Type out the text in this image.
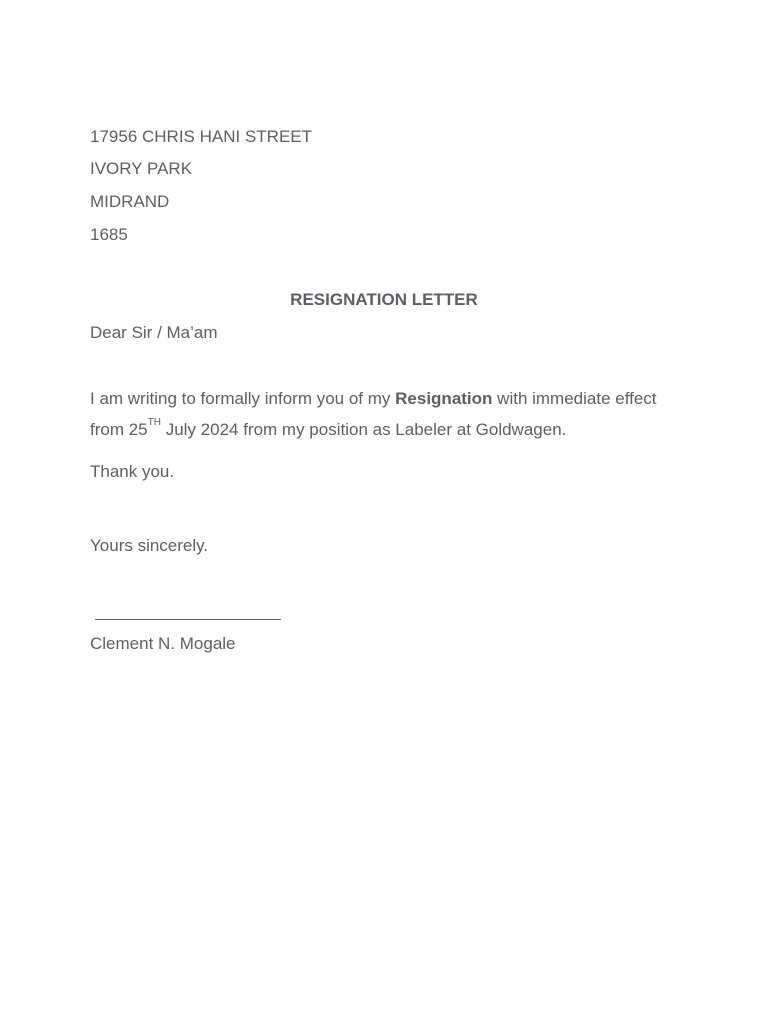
17956 CHRIS HANI STREET
IVORY PARK
MIDRAND
1685
RESIGNATION LETTER
Dear Sir / Ma’am
I am writing to formally inform you of my Resignation with immediate effect
from 25TH July 2024 from my position as Labeler at Goldwagen.
Thank you.
Yours sincerely.
Clement N. Mogale
